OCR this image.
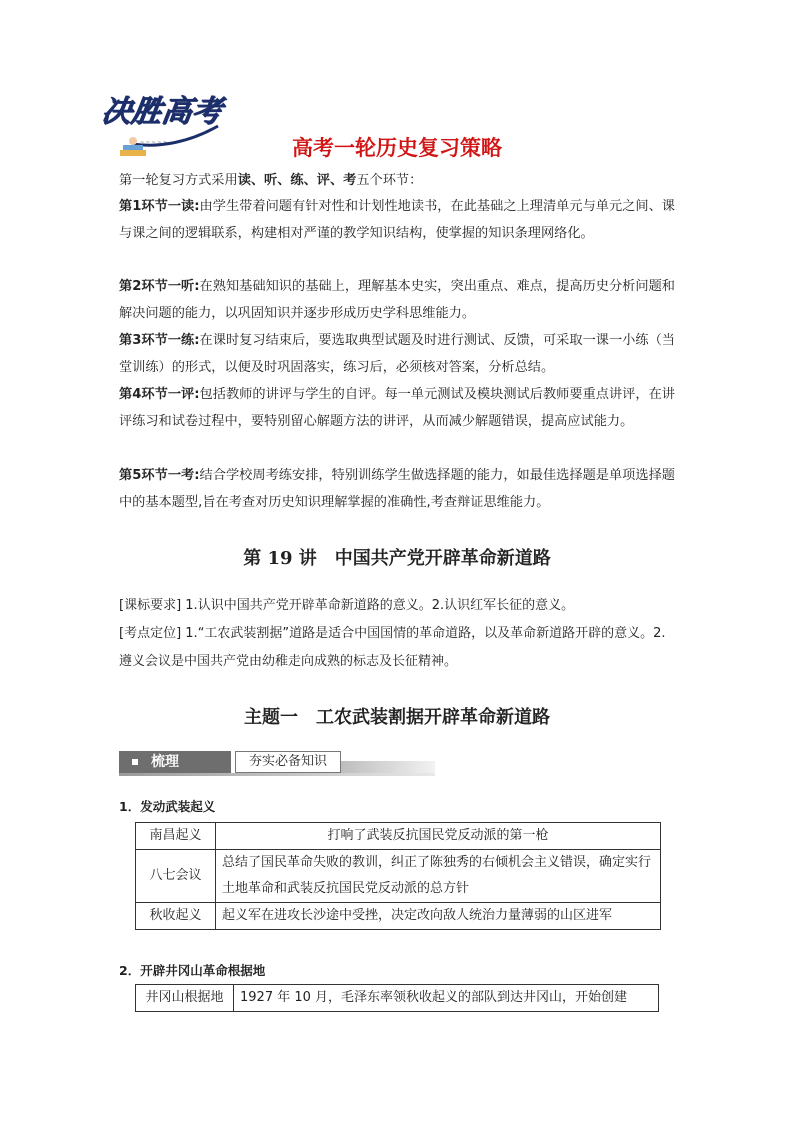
决胜高考
~ ~ ~ ~ ~	高考一轮历史复习策略

第一轮复习方式采用读、听、练、评、考五个环节：

第1环节一读:由学生带着问题有针对性和计划性地读书，在此基础之上理清单元与单元之间、课与课之间的逻辑联系，构建相对严谨的教学知识结构，使掌握的知识条理网络化。

第2环节一听:在熟知基础知识的基础上，理解基本史实，突出重点、难点，提高历史分析问题和解决问题的能力，以巩固知识并逐步形成历史学科思维能力。

第3环节一练:在课时复习结束后，要选取典型试题及时进行测试、反馈，可采取一课一小练（当堂训练）的形式，以便及时巩固落实，练习后，必须核对答案，分析总结。

第4环节一评:包括教师的讲评与学生的自评。每一单元测试及模块测试后教师要重点讲评，在讲评练习和试卷过程中，要特别留心解题方法的讲评，从而减少解题错误，提高应试能力。

第5环节一考:结合学校周考练安排，特别训练学生做选择题的能力，如最佳选择题是单项选择题中的基本题型,旨在考查对历史知识理解掌握的准确性,考查辩证思维能力。

第 19 讲　中国共产党开辟革命新道路

[课标要求] 1.认识中国共产党开辟革命新道路的意义。2.认识红军长征的意义。

[考点定位] 1.“工农武装割据”道路是适合中国国情的革命道路，以及革命新道路开辟的意义。2.遵义会议是中国共产党由幼稚走向成熟的标志及长征精神。

主题一　工农武装割据开辟革命新道路
梳理	夯实必备知识
1．发动武装起义
南昌起义	打响了武装反抗国民党反动派的第一枪
八七会议	总结了国民革命失败的教训，纠正了陈独秀的右倾机会主义错误，确定实行土地革命和武装反抗国民党反动派的总方针
秋收起义	起义军在进攻长沙途中受挫，决定改向敌人统治力量薄弱的山区进军
2．开辟井冈山革命根据地
井冈山根据地	1927 年 10 月，毛泽东率领秋收起义的部队到达井冈山，开始创建
